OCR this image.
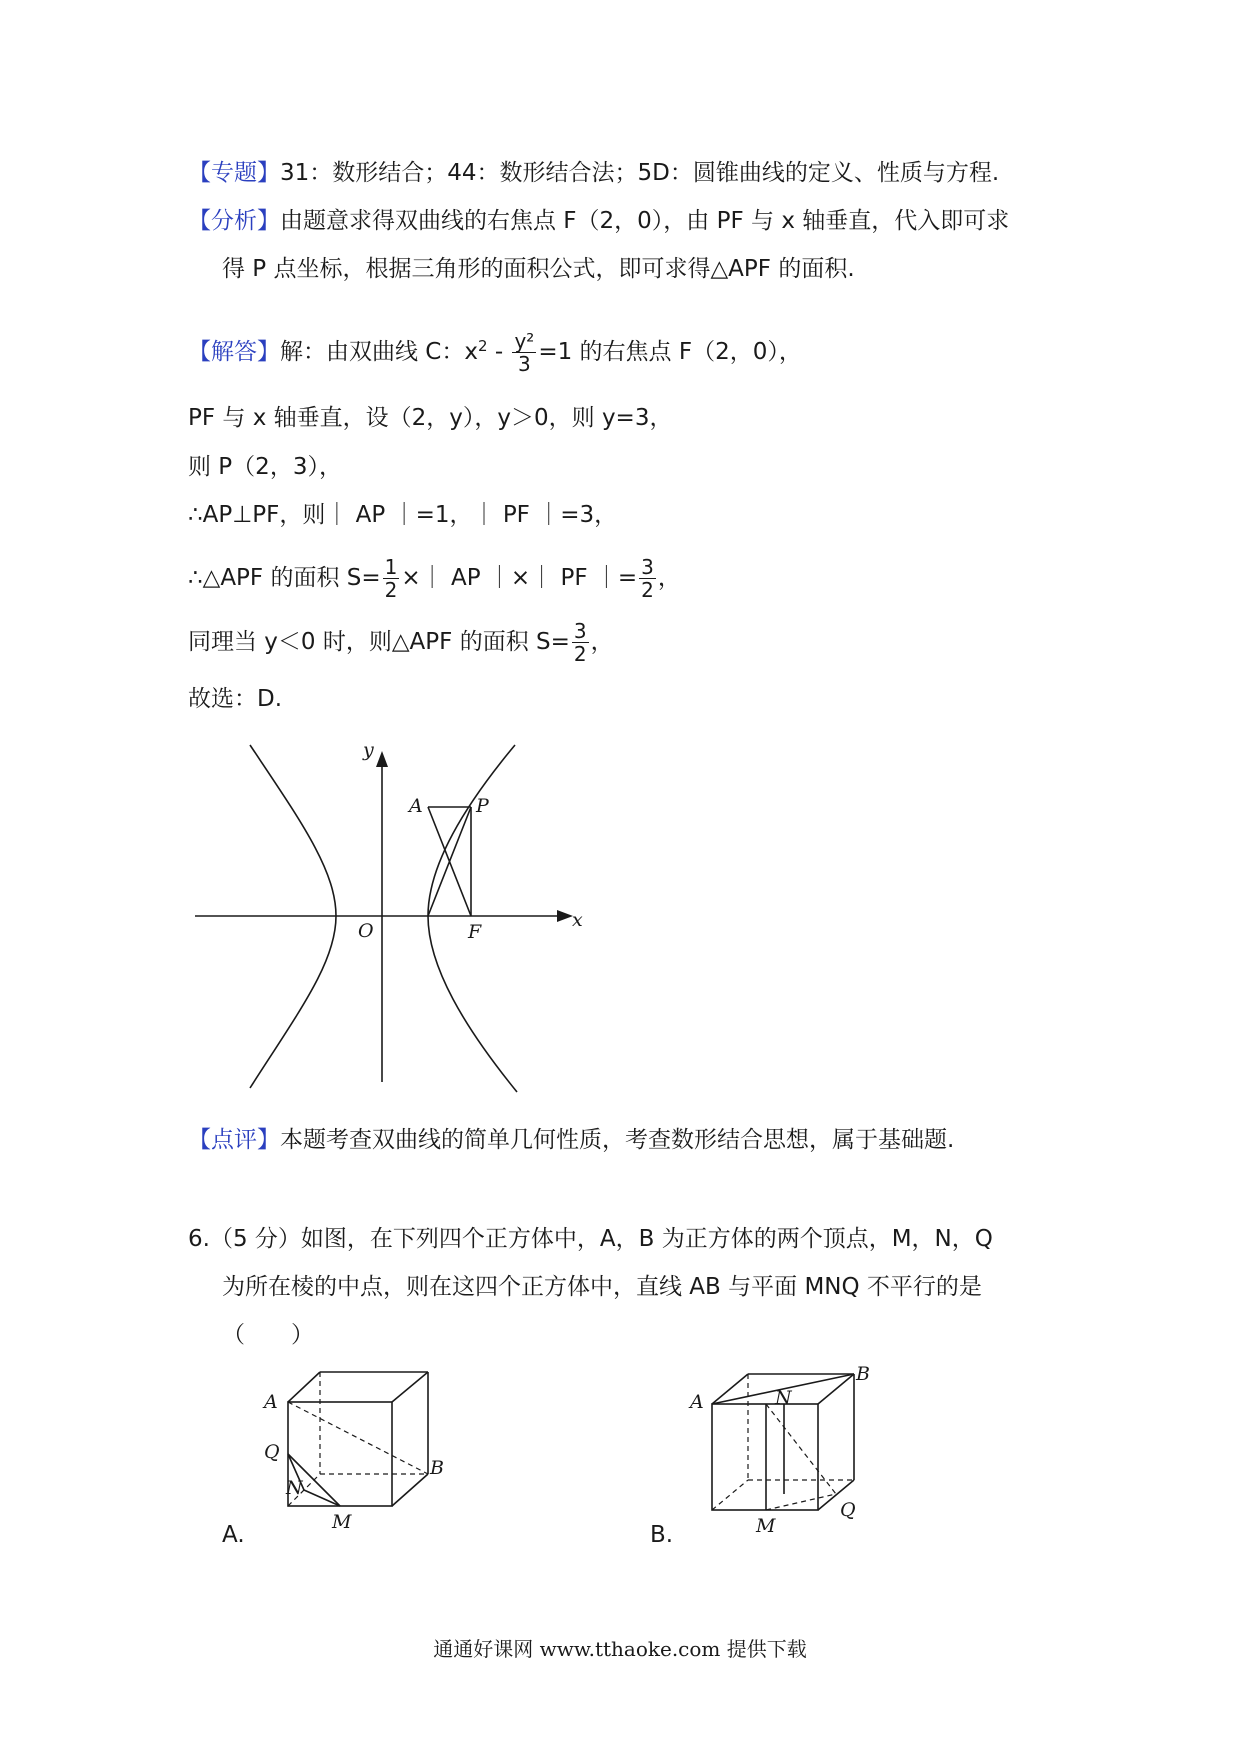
【专题】31：数形结合；44：数形结合法；5D：圆锥曲线的定义、性质与方程.
【分析】由题意求得双曲线的右焦点 F（2，0），由 PF 与 x 轴垂直，代入即可求
得 P 点坐标，根据三角形的面积公式，即可求得△APF 的面积.
【解答】解：由双曲线 C：$x^2 - \frac{\text{y²}}{3} =1$ 的右焦点 F（2，0），
PF 与 x 轴垂直，设（2，y），y＞0，则 y=3，
则 P（2，3），
∴AP⊥PF，则｜ AP ｜=1，｜ PF ｜=3，
∴△APF 的面积 $S= \frac{1}{2}$ ×｜ AP ｜×｜ PF ｜= $\frac{3}{2}$ ，
同理当 y＜0 时，则△APF 的面积 $S= \frac{3}{2}$ ，
故选：D.
y
x
O	F
A	P
【点评】本题考查双曲线的简单几何性质，考查数形结合思想，属于基础题.
6.（5 分）如图，在下列四个正方体中，A，B 为正方体的两个顶点，M，N，Q
为所在棱的中点，则在这四个正方体中，直线 AB 与平面 MNQ 不平行的是
（　　）
A
B
Q
N
M
A.
A
B
N
Q
M
B.
通通好课网 www.tthaoke.com 提供下载
